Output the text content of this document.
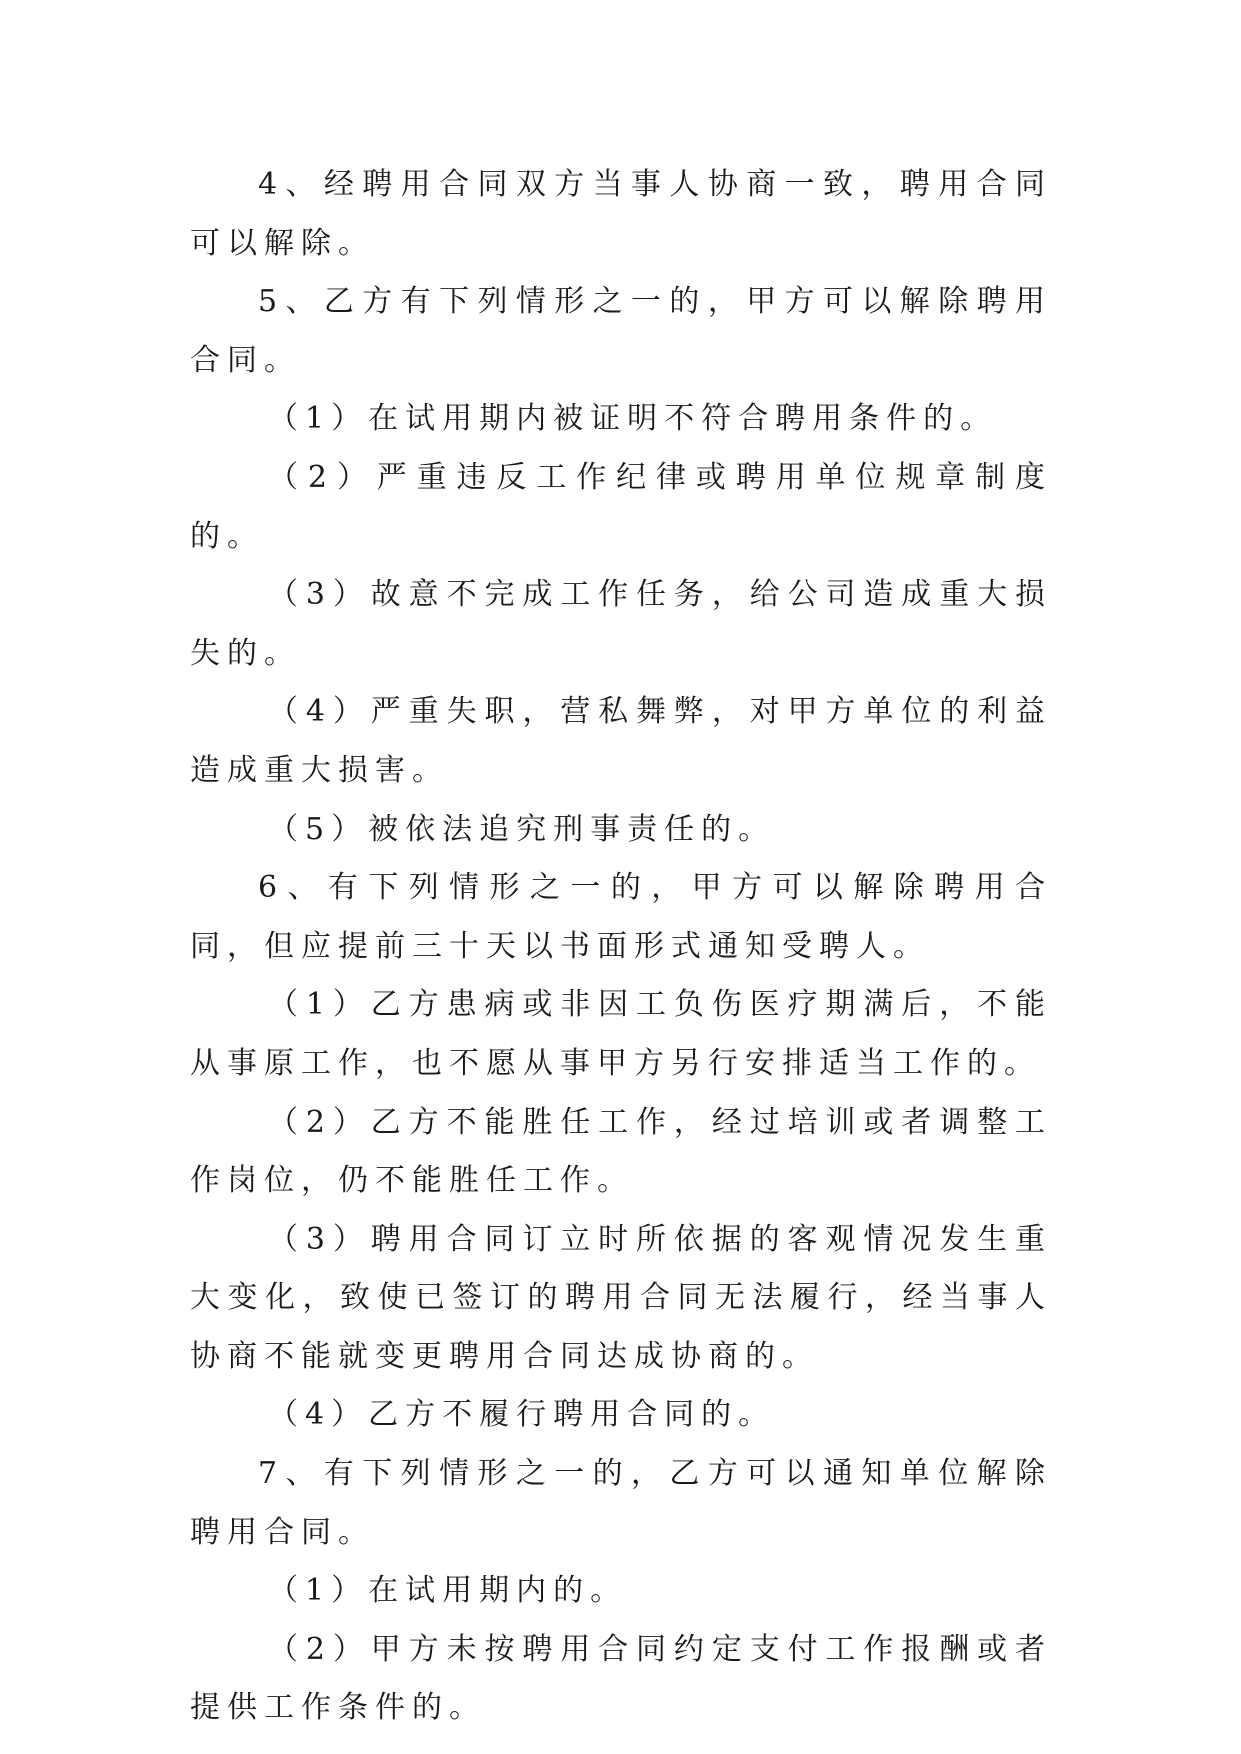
4、经聘用合同双方当事人协商一致，聘用合同可以解除。

5、乙方有下列情形之一的，甲方可以解除聘用合同。

（1）在试用期内被证明不符合聘用条件的。

（2）严重违反工作纪律或聘用单位规章制度的。

（3）故意不完成工作任务，给公司造成重大损失的。

（4）严重失职，营私舞弊，对甲方单位的利益造成重大损害。

（5）被依法追究刑事责任的。

6、有下列情形之一的，甲方可以解除聘用合同，但应提前三十天以书面形式通知受聘人。

（1）乙方患病或非因工负伤医疗期满后，不能从事原工作，也不愿从事甲方另行安排适当工作的。

（2）乙方不能胜任工作，经过培训或者调整工作岗位，仍不能胜任工作。

（3）聘用合同订立时所依据的客观情况发生重大变化，致使已签订的聘用合同无法履行，经当事人协商不能就变更聘用合同达成协商的。

（4）乙方不履行聘用合同的。

7、有下列情形之一的，乙方可以通知单位解除聘用合同。

（1）在试用期内的。

（2）甲方未按聘用合同约定支付工作报酬或者提供工作条件的。
